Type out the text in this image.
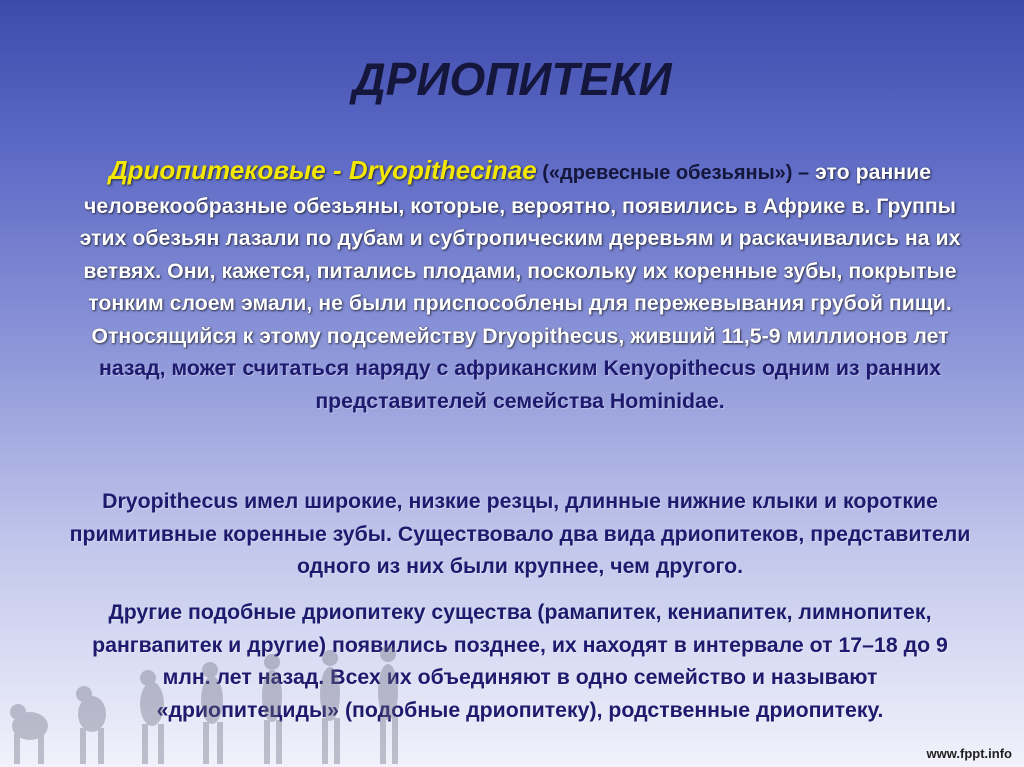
ДРИОПИТЕКИ
Дриопитековые - Dryopithecinae («древесные обезьяны») – это ранние человекообразные обезьяны, которые, вероятно, появились в Африке в. Группы этих обезьян лазали по дубам и субтропическим деревьям и раскачивались на их ветвях. Они, кажется, питались плодами, поскольку их коренные зубы, покрытые тонким слоем эмали, не были приспособлены для пережевывания грубой пищи. Относящийся к этому подсемейству Dryopithecus, живший 11,5-9 миллионов лет назад, может считаться наряду с африканским Kenyopithecus одним из ранних представителей семейства Hominidae.
Dryopithecus имел широкие, низкие резцы, длинные нижние клыки и короткие примитивные коренные зубы. Существовало два вида дриопитеков, представители одного из них были крупнее, чем другого.
Другие подобные дриопитеку существа (рамапитек, кениапитек, лимнопитек, рангвапитек и другие) появились позднее, их находят в интервале от 17–18 до 9 млн. лет назад. Всех их объединяют в одно семейство и называют «дриопитециды» (подобные дриопитеку), родственные дриопитеку.
www.fppt.info
